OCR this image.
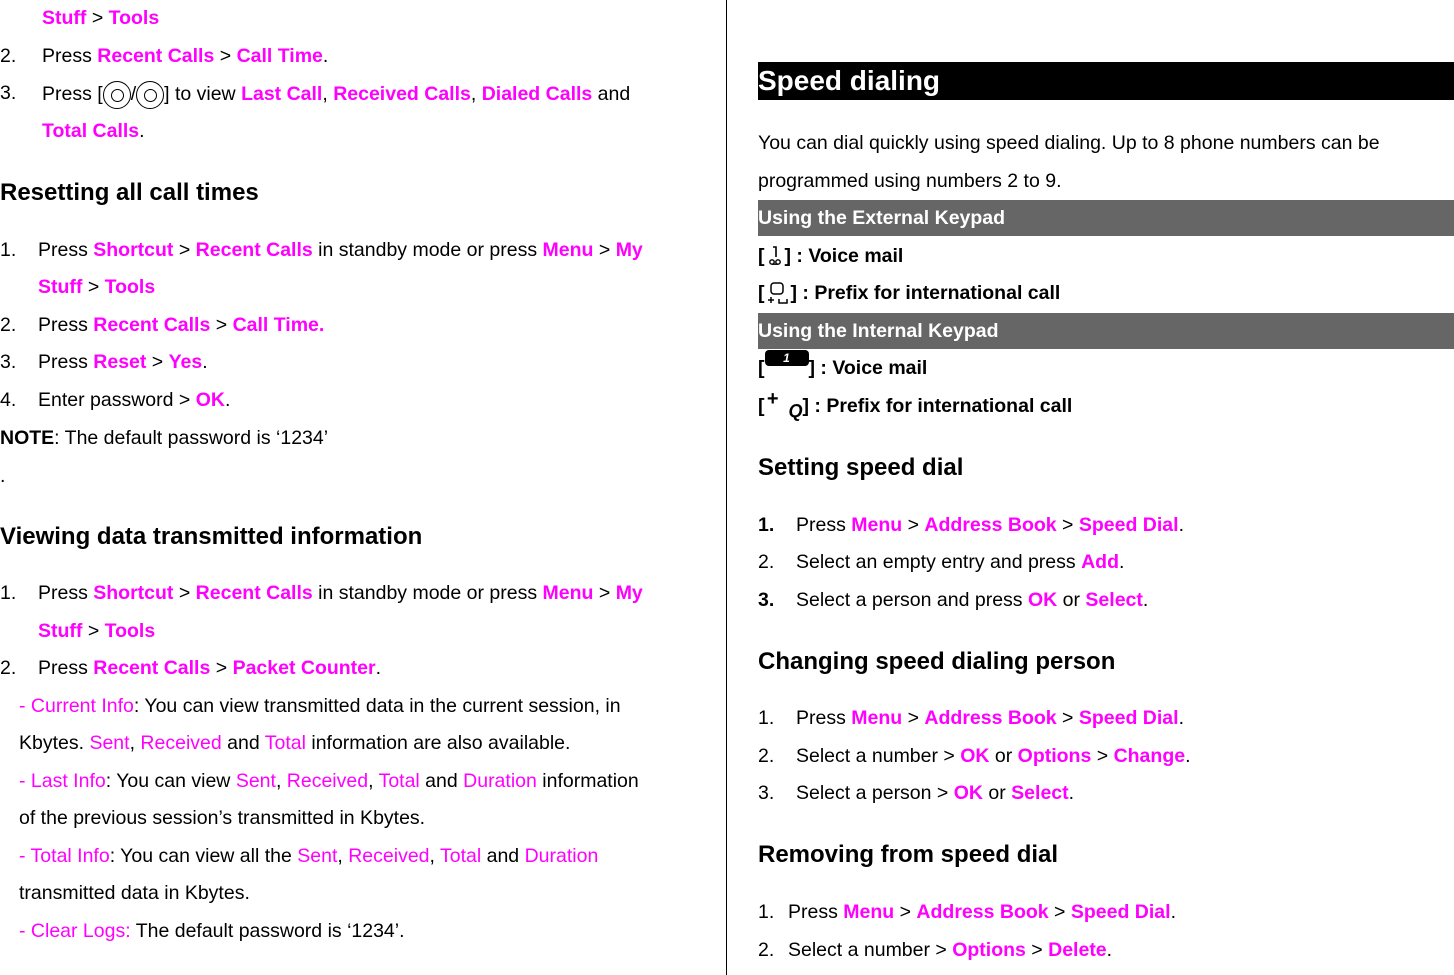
Stuff > Tools
2. Press Recent Calls > Call Time.
3. Press [ / ] to view Last Call, Received Calls, Dialed Calls and
Total Calls.
Resetting all call times
1. Press Shortcut > Recent Calls in standby mode or press Menu > My
Stuff > Tools
2. Press Recent Calls > Call Time.
3. Press Reset > Yes.
4. Enter password > OK.
NOTE: The default password is ‘1234’
.
Viewing data transmitted information
1. Press Shortcut > Recent Calls in standby mode or press Menu > My
Stuff > Tools
2. Press Recent Calls > Packet Counter.
- Current Info: You can view transmitted data in the current session, in
Kbytes. Sent, Received and Total information are also available.
- Last Info: You can view Sent, Received, Total and Duration information
of the previous session’s transmitted in Kbytes.
- Total Info: You can view all the Sent, Received, Total and Duration
transmitted data in Kbytes.
- Clear Logs: The default password is ‘1234’.
Speed dialing
You can dial quickly using speed dialing. Up to 8 phone numbers can be
programmed using numbers 2 to 9.
Using the External Keypad
[ ] : Voice mail
[ ] : Prefix for international call
Using the Internal Keypad
[ 1 ] : Voice mail
[ +
Q ] : Prefix for international call
Setting speed dial
1. Press Menu > Address Book > Speed Dial.
2. Select an empty entry and press Add.
3. Select a person and press OK or Select.
Changing speed dialing person
1. Press Menu > Address Book > Speed Dial.
2. Select a number > OK or Options > Change.
3. Select a person > OK or Select.
Removing from speed dial
1. Press Menu > Address Book > Speed Dial.
2. Select a number > Options > Delete.
